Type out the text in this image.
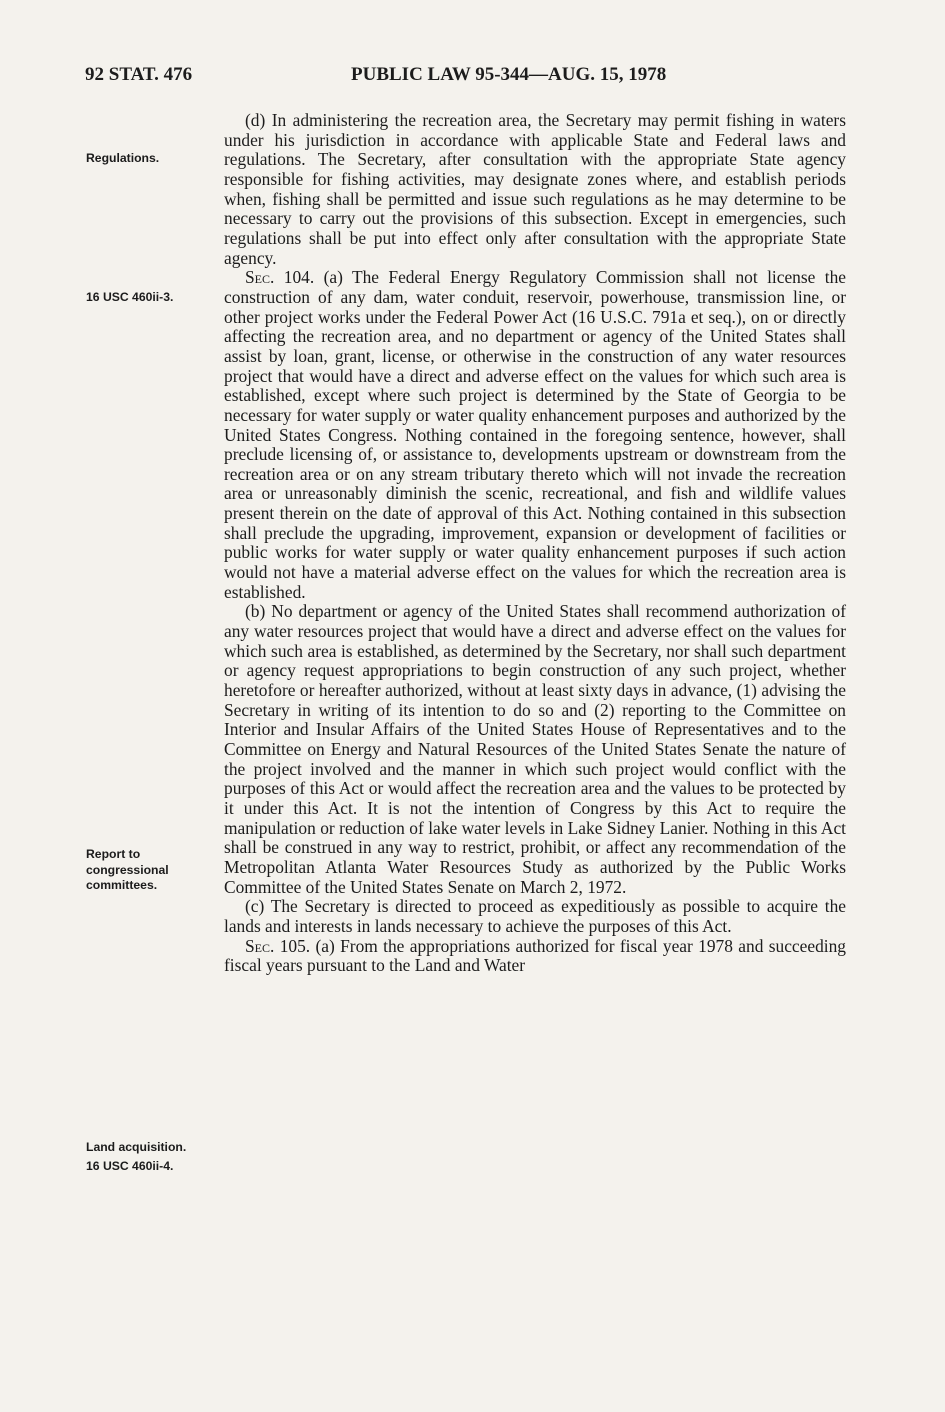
92 STAT. 476	PUBLIC LAW 95-344—AUG. 15, 1978
Regulations.
16 USC 460ii-3.
Report to
congressional
committees.
Land acquisition.
16 USC 460ii-4.

(d) In administering the recreation area, the Secretary may permit fishing in waters under his jurisdiction in accordance with applicable State and Federal laws and regulations. The Secretary, after consultation with the appropriate State agency responsible for fishing activities, may designate zones where, and establish periods when, fishing shall be permitted and issue such regulations as he may determine to be necessary to carry out the provisions of this subsection. Except in emergencies, such regulations shall be put into effect only after consultation with the appropriate State agency.

Sec. 104. (a) The Federal Energy Regulatory Commission shall not license the construction of any dam, water conduit, reservoir, powerhouse, transmission line, or other project works under the Federal Power Act (16 U.S.C. 791a et seq.), on or directly affecting the recreation area, and no department or agency of the United States shall assist by loan, grant, license, or otherwise in the construction of any water resources project that would have a direct and adverse effect on the values for which such area is established, except where such project is determined by the State of Georgia to be necessary for water supply or water quality enhancement purposes and authorized by the United States Congress. Nothing contained in the foregoing sentence, however, shall preclude licensing of, or assistance to, developments upstream or downstream from the recreation area or on any stream tributary thereto which will not invade the recreation area or unreasonably diminish the scenic, recreational, and fish and wildlife values present therein on the date of approval of this Act. Nothing contained in this subsection shall preclude the upgrading, improvement, expansion or development of facilities or public works for water supply or water quality enhancement purposes if such action would not have a material adverse effect on the values for which the recreation area is established.

(b) No department or agency of the United States shall recommend authorization of any water resources project that would have a direct and adverse effect on the values for which such area is established, as determined by the Secretary, nor shall such department or agency request appropriations to begin construction of any such project, whether heretofore or hereafter authorized, without at least sixty days in advance, (1) advising the Secretary in writing of its intention to do so and (2) reporting to the Committee on Interior and Insular Affairs of the United States House of Representatives and to the Committee on Energy and Natural Resources of the United States Senate the nature of the project involved and the manner in which such project would conflict with the purposes of this Act or would affect the recreation area and the values to be protected by it under this Act. It is not the intention of Congress by this Act to require the manipulation or reduction of lake water levels in Lake Sidney Lanier. Nothing in this Act shall be construed in any way to restrict, prohibit, or affect any recommendation of the Metropolitan Atlanta Water Resources Study as authorized by the Public Works Committee of the United States Senate on March 2, 1972.

(c) The Secretary is directed to proceed as expeditiously as possible to acquire the lands and interests in lands necessary to achieve the purposes of this Act.

Sec. 105. (a) From the appropriations authorized for fiscal year 1978 and succeeding fiscal years pursuant to the Land and Water
